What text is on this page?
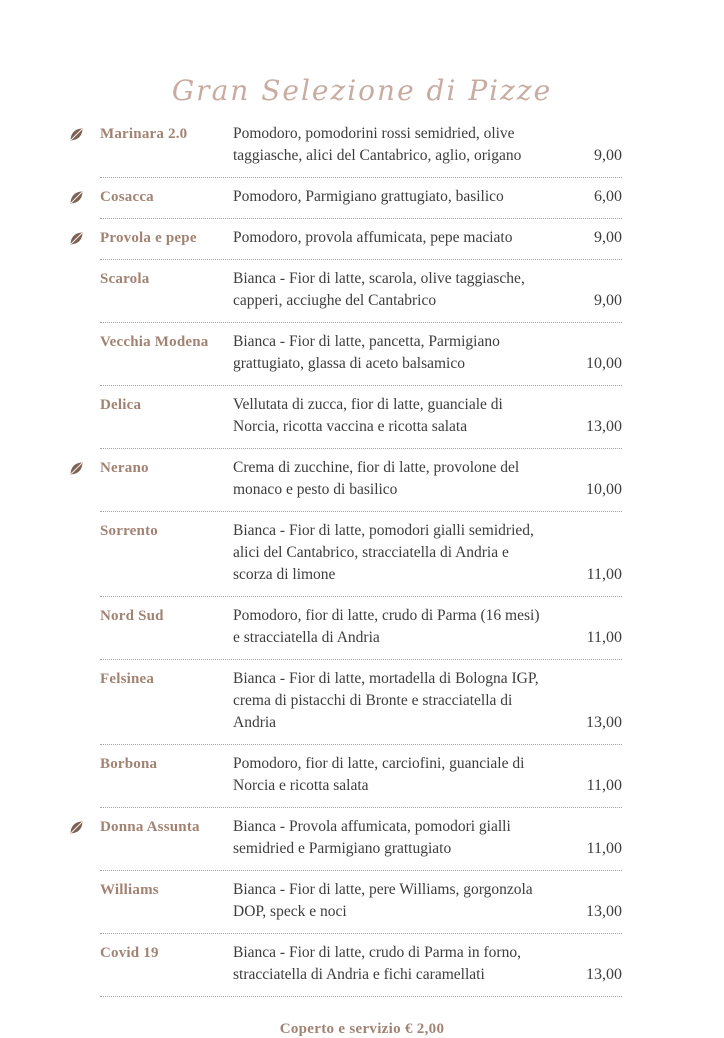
Gran Selezione di Pizze
Marinara 2.0	Pomodoro, pomodorini rossi semidried, olive taggiasche, alici del Cantabrico, aglio, origano	9,00
Cosacca	Pomodoro, Parmigiano grattugiato, basilico	6,00
Provola e pepe	Pomodoro, provola affumicata, pepe maciato	9,00
Scarola	Bianca - Fior di latte, scarola, olive taggiasche, capperi, acciughe del Cantabrico	9,00
Vecchia Modena	Bianca - Fior di latte, pancetta, Parmigiano grattugiato, glassa di aceto balsamico	10,00
Delica	Vellutata di zucca, fior di latte, guanciale di Norcia, ricotta vaccina e ricotta salata	13,00
Nerano	Crema di zucchine, fior di latte, provolone del monaco e pesto di basilico	10,00
Sorrento	Bianca - Fior di latte, pomodori gialli semidried, alici del Cantabrico, stracciatella di Andria e scorza di limone	11,00
Nord Sud	Pomodoro, fior di latte, crudo di Parma (16 mesi) e stracciatella di Andria	11,00
Felsinea	Bianca - Fior di latte, mortadella di Bologna IGP, crema di pistacchi di Bronte e stracciatella di Andria	13,00
Borbona	Pomodoro, fior di latte, carciofini, guanciale di Norcia e ricotta salata	11,00
Donna Assunta	Bianca - Provola affumicata, pomodori gialli semidried e Parmigiano grattugiato	11,00
Williams	Bianca - Fior di latte, pere Williams, gorgonzola DOP, speck e noci	13,00
Covid 19	Bianca - Fior di latte, crudo di Parma in forno, stracciatella di Andria e fichi caramellati	13,00
Coperto e servizio € 2,00
